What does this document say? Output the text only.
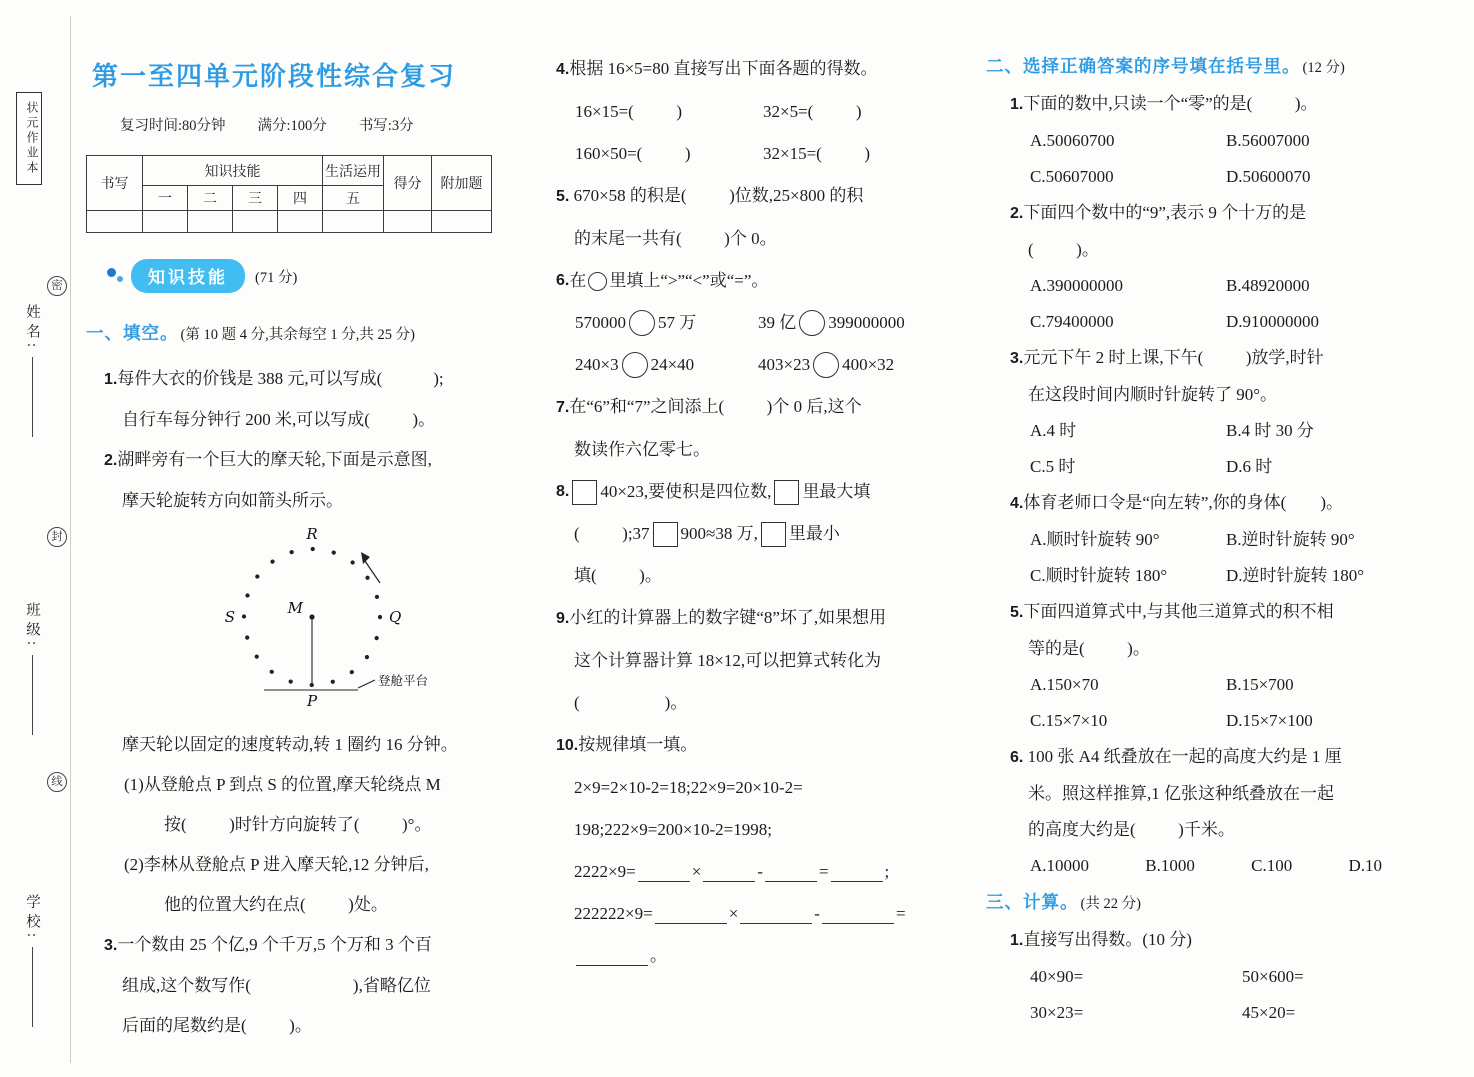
状元作业本
密
姓名:
封
班级:
线
学校:
第一至四单元阶段性综合复习
复习时间:80分钟 满分:100分 书写:3分
书写	知识技能				生活运用	得分	附加题
	一	二	三	四	五		

知识技能	(71 分)
一、填空。 (第 10 题 4 分,其余每空 1 分,共 25 分)
1.每件大衣的价钱是 388 元,可以写成(            );
自行车每分钟行 200 米,可以写成(          )。
2.湖畔旁有一个巨大的摩天轮,下面是示意图,
摩天轮旋转方向如箭头所示。
R
S	M	Q
P
登舱平台
摩天轮以固定的速度转动,转 1 圈约 16 分钟。
(1)从登舱点 P 到点 S 的位置,摩天轮绕点 M
按(          )时针方向旋转了(          )°。
(2)李林从登舱点 P 进入摩天轮,12 分钟后,
他的位置大约在点(          )处。
3.一个数由 25 个亿,9 个千万,5 个万和 3 个百
组成,这个数写作(                        ),省略亿位
后面的尾数约是(          )。
4.根据 16×5=80 直接写出下面各题的得数。
16×15=(          )	32×5=(          )
160×50=(          )	32×15=(          )
5. 670×58 的积是(          )位数,25×800 的积
的末尾一共有(          )个 0。
6. 在 里填上“>”“<”或“=”。
570000 57 万	39 亿 399000000
240×3 24×40	403×23 400×32
7.在“6”和“7”之间添上(          )个 0 后,这个
数读作六亿零七。
8. 40×23,要使积是四位数, 里最大填
(          );37 900≈38 万, 里最小
填(          )。
9.小红的计算器上的数字键“8”坏了,如果想用
这个计算器计算 18×12,可以把算式转化为
(                    )。
10.按规律填一填。
2×9=2×10-2=18;22×9=20×10-2=
198;222×9=200×10-2=1998;
2222×9=	×	-	=	;
222222×9=	×	-	=
。
二、选择正确答案的序号填在括号里。 (12 分)
1.下面的数中,只读一个“零”的是(          )。
A.50060700	B.56007000
C.50607000	D.50600070
2.下面四个数中的“9”,表示 9 个十万的是
(          )。
A.390000000	B.48920000
C.79400000	D.910000000
3.元元下午 2 时上课,下午(          )放学,时针
在这段时间内顺时针旋转了 90°。
A.4 时	B.4 时 30 分
C.5 时	D.6 时
4.体育老师口令是“向左转”,你的身体(        )。
A.顺时针旋转 90°	B.逆时针旋转 90°
C.顺时针旋转 180°	D.逆时针旋转 180°
5.下面四道算式中,与其他三道算式的积不相
等的是(          )。
A.150×70	B.15×700
C.15×7×10	D.15×7×100
6. 100 张 A4 纸叠放在一起的高度大约是 1 厘
米。照这样推算,1 亿张这种纸叠放在一起
的高度大约是(          )千米。
A.10000	B.1000	C.100	D.10
三、计算。 (共 22 分)
1.直接写出得数。(10 分)
40×90=	50×600=
30×23=	45×20=
